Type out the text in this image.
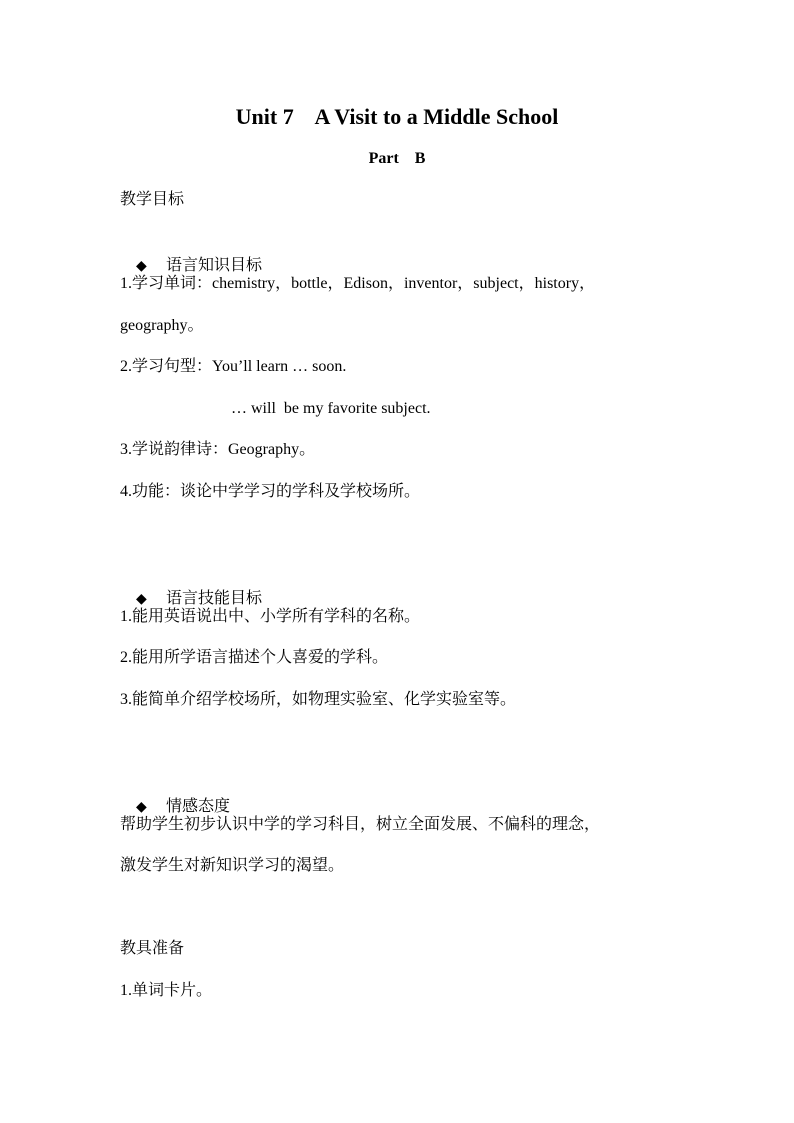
Unit 7    A Visit to a Middle School
Part    B
教学目标

◆ 语言知识目标

1.学习单词：chemistry，bottle，Edison，inventor，subject，history，
geography。
2.学习句型：You’ll learn … soon.
… will  be my favorite subject.
3.学说韵律诗：Geography。
4.功能：谈论中学学习的学科及学校场所。

◆ 语言技能目标

1.能用英语说出中、小学所有学科的名称。
2.能用所学语言描述个人喜爱的学科。
3.能简单介绍学校场所，如物理实验室、化学实验室等。

◆ 情感态度

帮助学生初步认识中学的学习科目，树立全面发展、不偏科的理念，
激发学生对新知识学习的渴望。
教具准备
1.单词卡片。
